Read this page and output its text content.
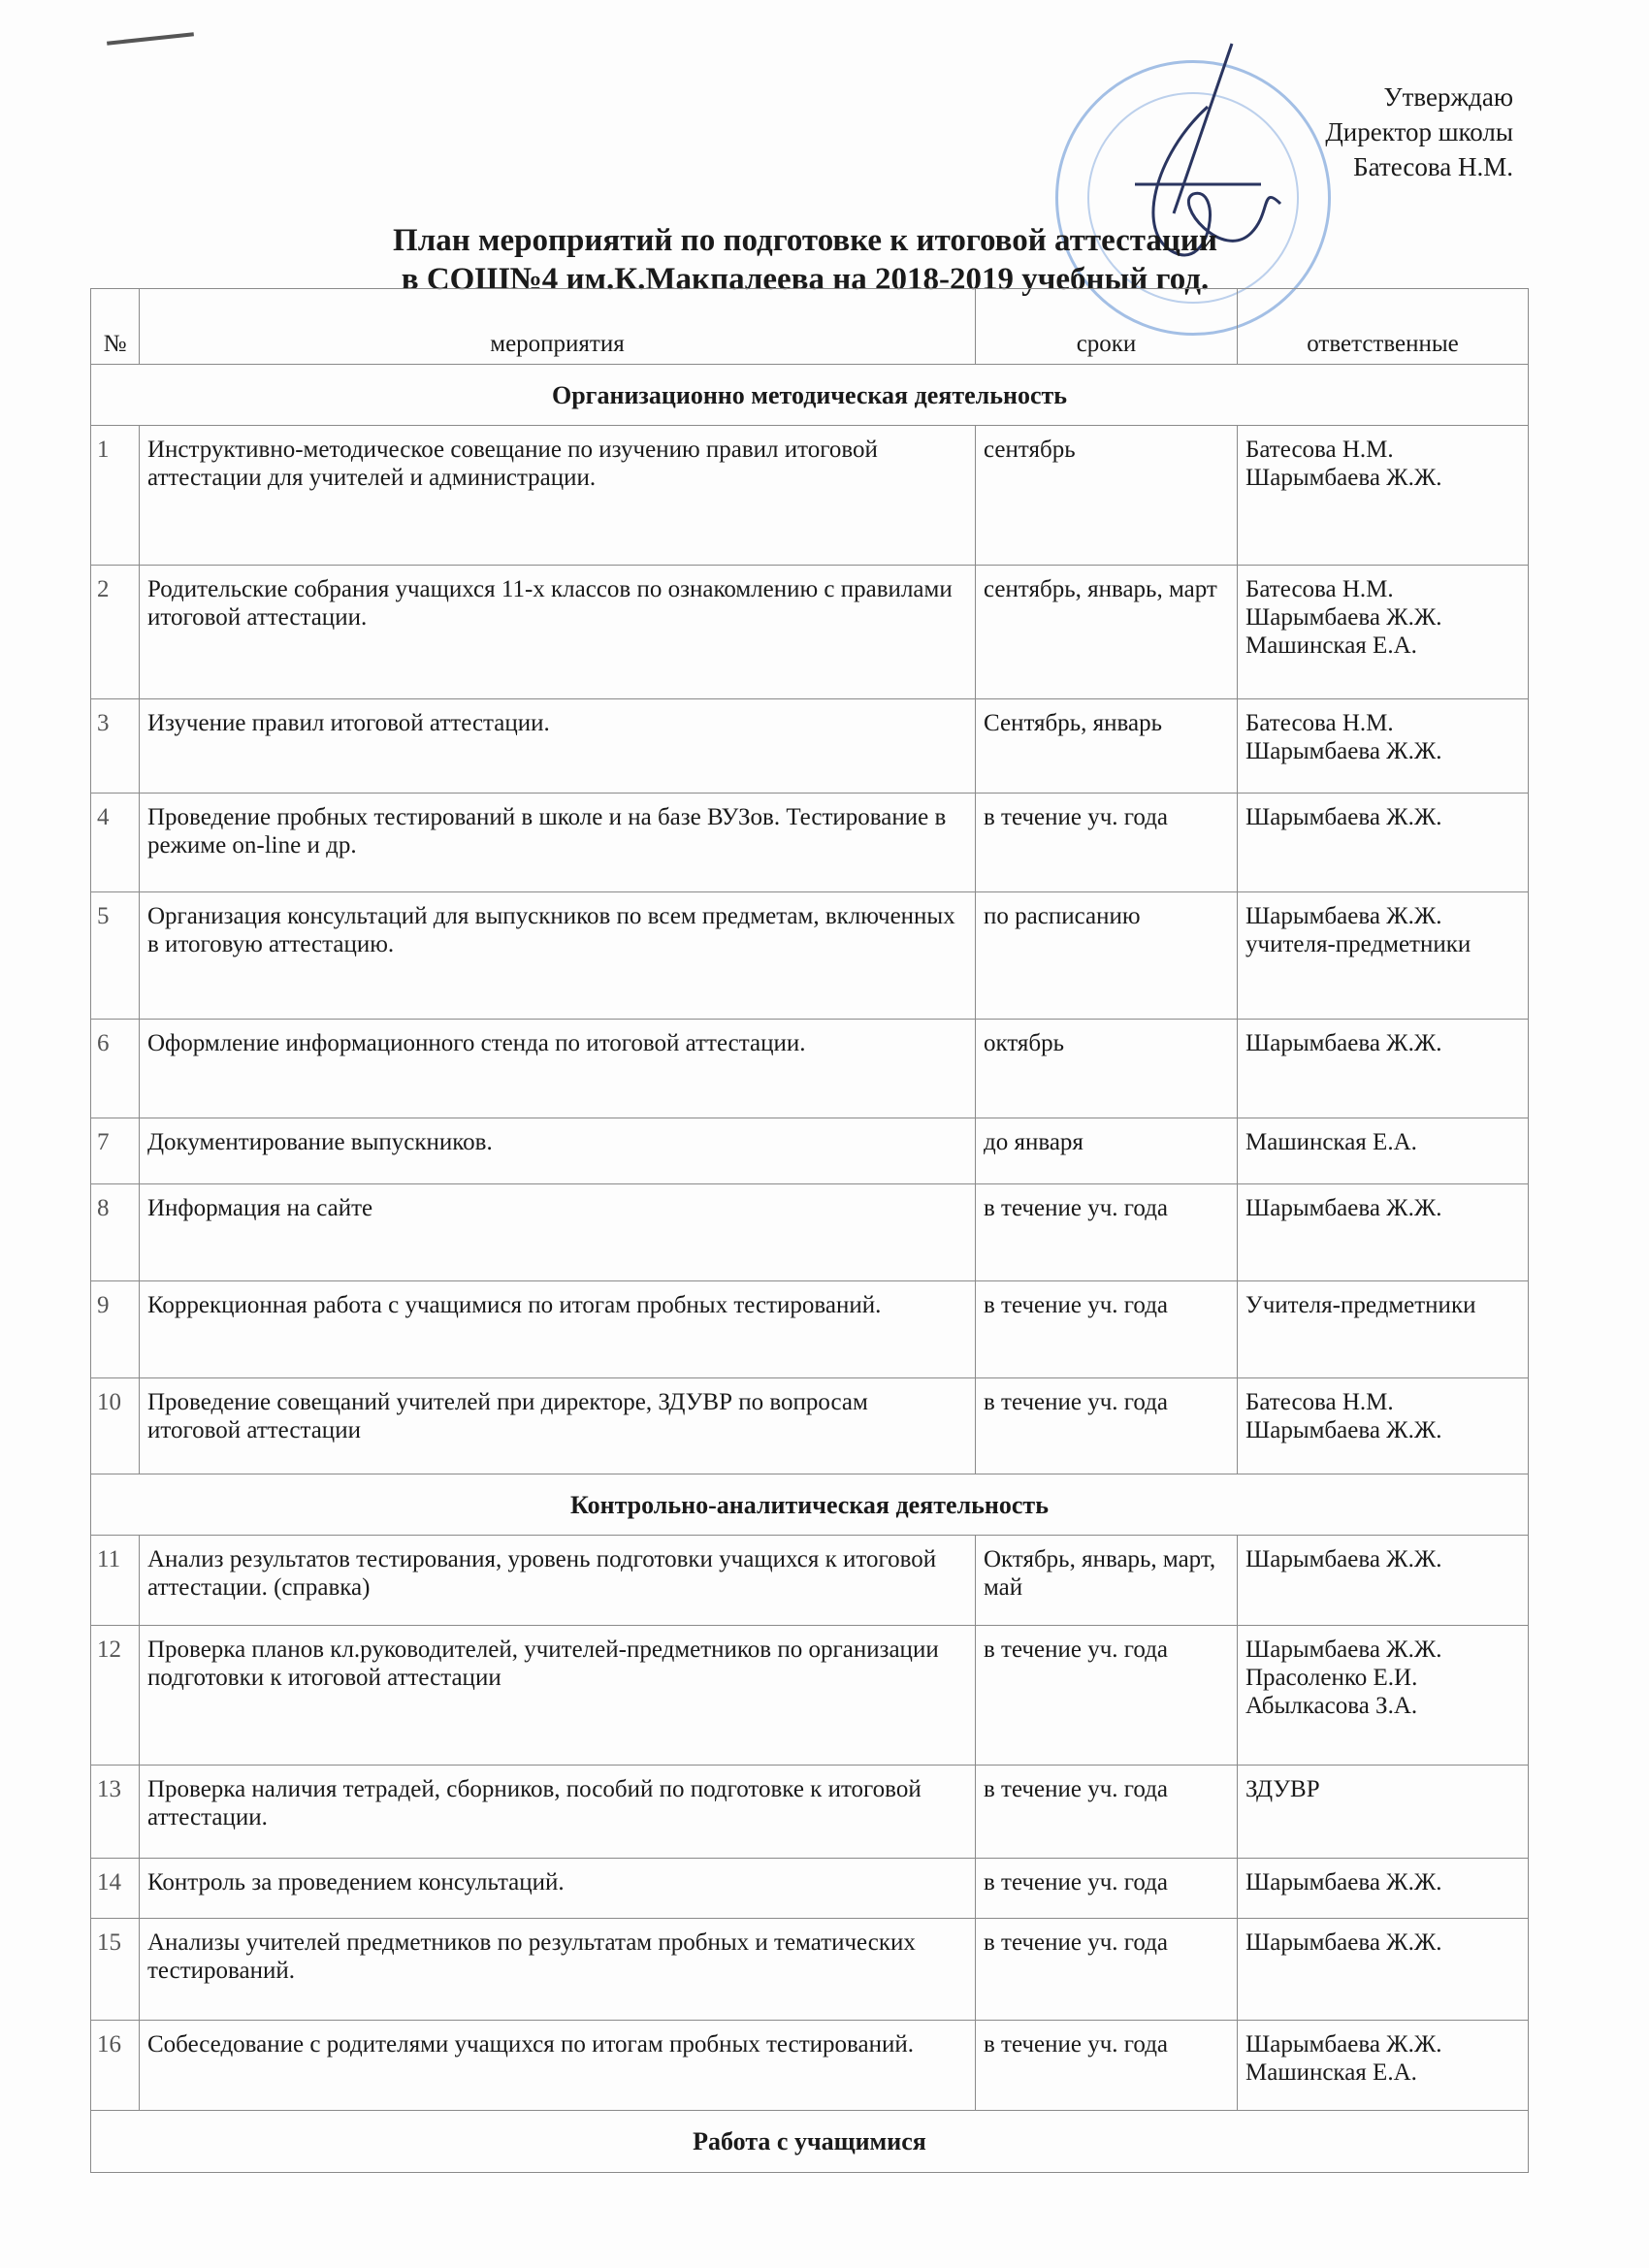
Утверждаю
Директор школы
Батесова Н.М.
План мероприятий по подготовке к итоговой аттестации
в СОШ№4 им.К.Макпалеева на 2018-2019 учебный год.
№	мероприятия	сроки	ответственные
Организационно методическая деятельность			
1	Инструктивно-методическое совещание по изучению правил итоговой аттестации для учителей и администрации.	сентябрь	Батесова Н.М. Шарымбаева Ж.Ж.
2	Родительские собрания учащихся 11-х классов по ознакомлению с правилами итоговой аттестации.	сентябрь, январь, март	Батесова Н.М. Шарымбаева Ж.Ж. Машинская Е.А.
3	Изучение правил итоговой аттестации.	Сентябрь, январь	Батесова Н.М. Шарымбаева Ж.Ж.
4	Проведение пробных тестирований в школе и на базе ВУЗов. Тестирование в режиме on-line и др.	в течение уч. года	Шарымбаева Ж.Ж.
5	Организация консультаций для выпускников по всем предметам, включенных в итоговую аттестацию.	по расписанию	Шарымбаева Ж.Ж. учителя-предметники
6	Оформление информационного стенда по итоговой аттестации.	октябрь	Шарымбаева Ж.Ж.
7	Документирование выпускников.	до января	Машинская Е.А.
8	Информация на сайте	в течение уч. года	Шарымбаева Ж.Ж.
9	Коррекционная работа с учащимися по итогам пробных тестирований.	в течение уч. года	Учителя-предметники
10	Проведение совещаний учителей при директоре, ЗДУВР по вопросам итоговой аттестации	в течение уч. года	Батесова Н.М. Шарымбаева Ж.Ж.
Контрольно-аналитическая деятельность			
11	Анализ результатов тестирования, уровень подготовки учащихся к итоговой аттестации. (справка)	Октябрь, январь, март, май	Шарымбаева Ж.Ж.
12	Проверка планов кл.руководителей, учителей-предметников по организации подготовки к итоговой аттестации	в течение уч. года	Шарымбаева Ж.Ж. Прасоленко Е.И. Абылкасова З.А.
13	Проверка наличия тетрадей, сборников, пособий по подготовке к итоговой аттестации.	в течение уч. года	ЗДУВР
14	Контроль за проведением консультаций.	в течение уч. года	Шарымбаева Ж.Ж.
15	Анализы учителей предметников по результатам пробных и тематических тестирований.	в течение уч. года	Шарымбаева Ж.Ж.
16	Собеседование с родителями учащихся по итогам пробных тестирований.	в течение уч. года	Шарымбаева Ж.Ж. Машинская Е.А.
Работа с учащимися			
